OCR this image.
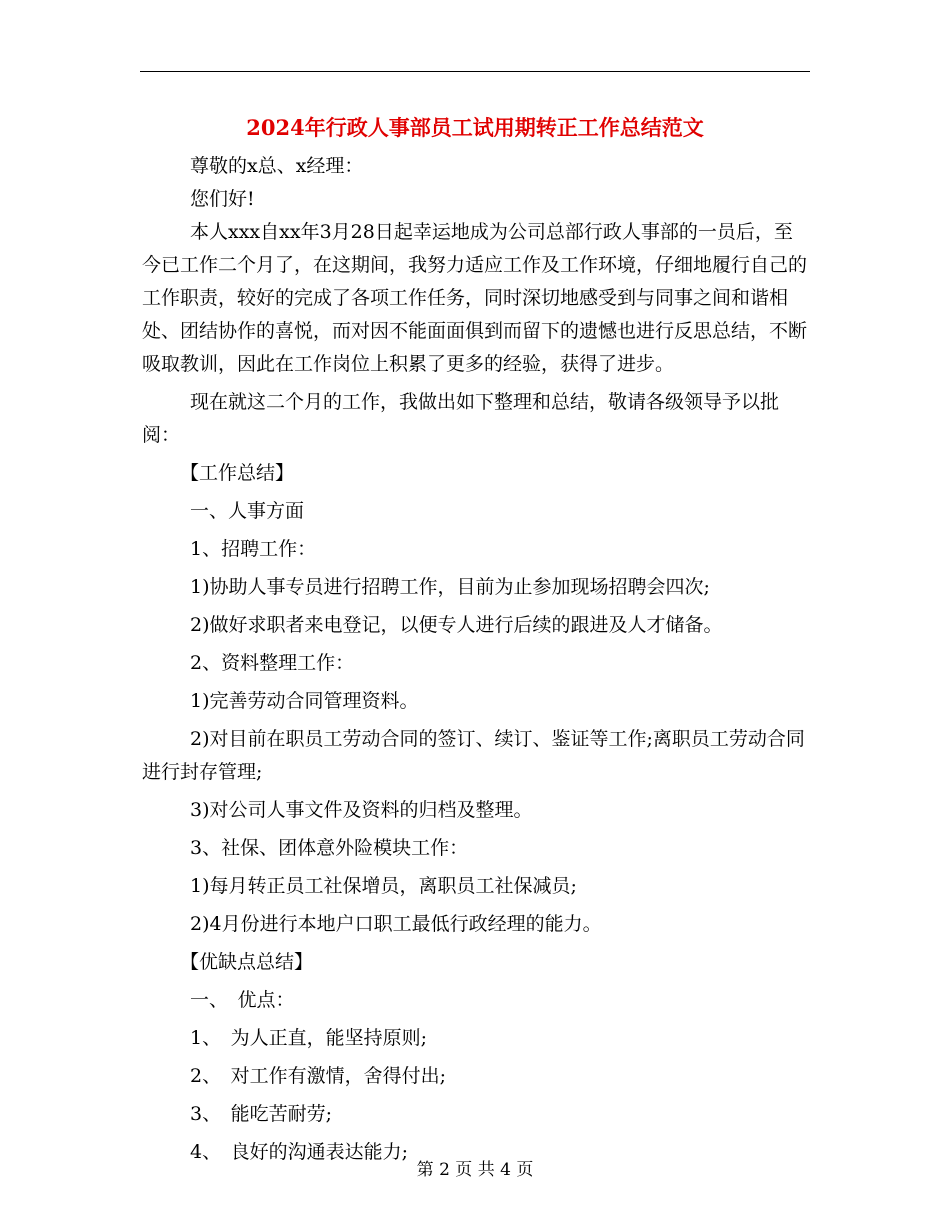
2024年行政人事部员工试用期转正工作总结范文

尊敬的x总、x经理：

您们好!

本人xxx自xx年3月28日起幸运地成为公司总部行政人事部的一员后，至今已工作二个月了，在这期间，我努力适应工作及工作环境，仔细地履行自己的工作职责，较好的完成了各项工作任务，同时深切地感受到与同事之间和谐相处、团结协作的喜悦，而对因不能面面俱到而留下的遗憾也进行反思总结，不断吸取教训，因此在工作岗位上积累了更多的经验，获得了进步。

现在就这二个月的工作，我做出如下整理和总结，敬请各级领导予以批阅：

【工作总结】

一、人事方面

1、招聘工作：

1)协助人事专员进行招聘工作，目前为止参加现场招聘会四次;

2)做好求职者来电登记，以便专人进行后续的跟进及人才储备。

2、资料整理工作：

1)完善劳动合同管理资料。

2)对目前在职员工劳动合同的签订、续订、鉴证等工作;离职员工劳动合同进行封存管理;

3)对公司人事文件及资料的归档及整理。

3、社保、团体意外险模块工作：

1)每月转正员工社保增员，离职员工社保减员;

2)4月份进行本地户口职工最低行政经理的能力。

【优缺点总结】

一、　优点：

1、　为人正直，能坚持原则;

2、　对工作有激情，舍得付出;

3、　能吃苦耐劳;

4、　良好的沟通表达能力;

第 2 页 共 4 页
